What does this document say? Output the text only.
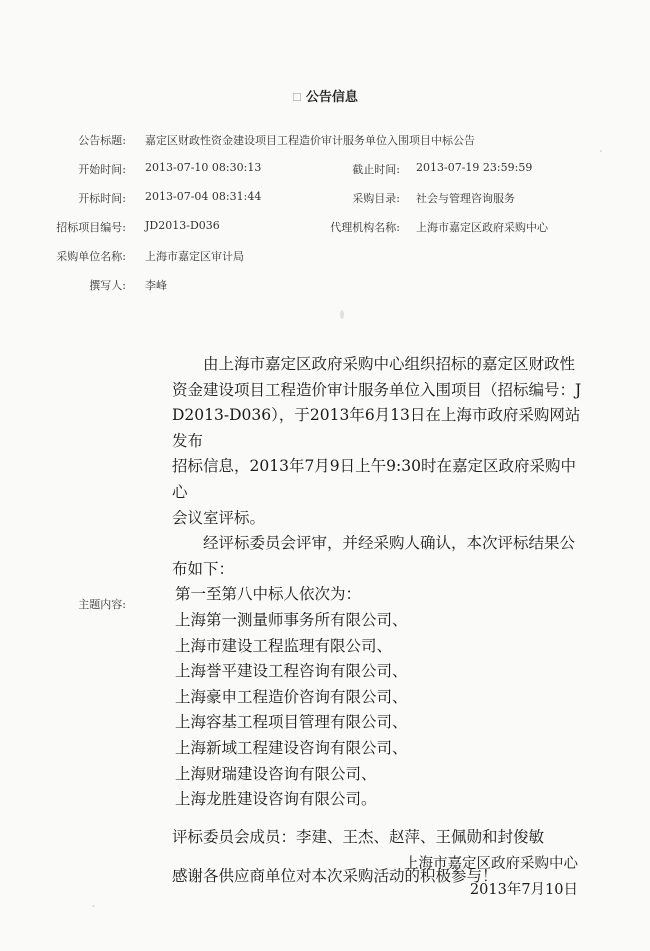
☐ 公告信息
公告标题: 嘉定区财政性资金建设项目工程造价审计服务单位入围项目中标公告
开始时间: 2013-07-10 08:30:13	截止时间: 2013-07-19 23:59:59
开标时间: 2013-07-04 08:31:44	采购目录: 社会与管理咨询服务
招标项目编号: JD2013-D036	代理机构名称: 上海市嘉定区政府采购中心
采购单位名称: 上海市嘉定区审计局
撰写人: 李峰
主题内容:

由上海市嘉定区政府采购中心组织招标的嘉定区财政性

资金建设项目工程造价审计服务单位入围项目（招标编号：J

D2013-D036），于2013年6月13日在上海市政府采购网站发布

招标信息，2013年7月9日上午9:30时在嘉定区政府采购中心

会议室评标。

经评标委员会评审，并经采购人确认，本次评标结果公

布如下：

第一至第八中标人依次为：

上海第一测量师事务所有限公司、

上海市建设工程监理有限公司、

上海誉平建设工程咨询有限公司、

上海豪申工程造价咨询有限公司、

上海容基工程项目管理有限公司、

上海新域工程建设咨询有限公司、

上海财瑞建设咨询有限公司、

上海龙胜建设咨询有限公司。

评标委员会成员：李建、王杰、赵萍、王佩勋和封俊敏

感谢各供应商单位对本次采购活动的积极参与！

上海市嘉定区政府采购中心
2013年7月10日
